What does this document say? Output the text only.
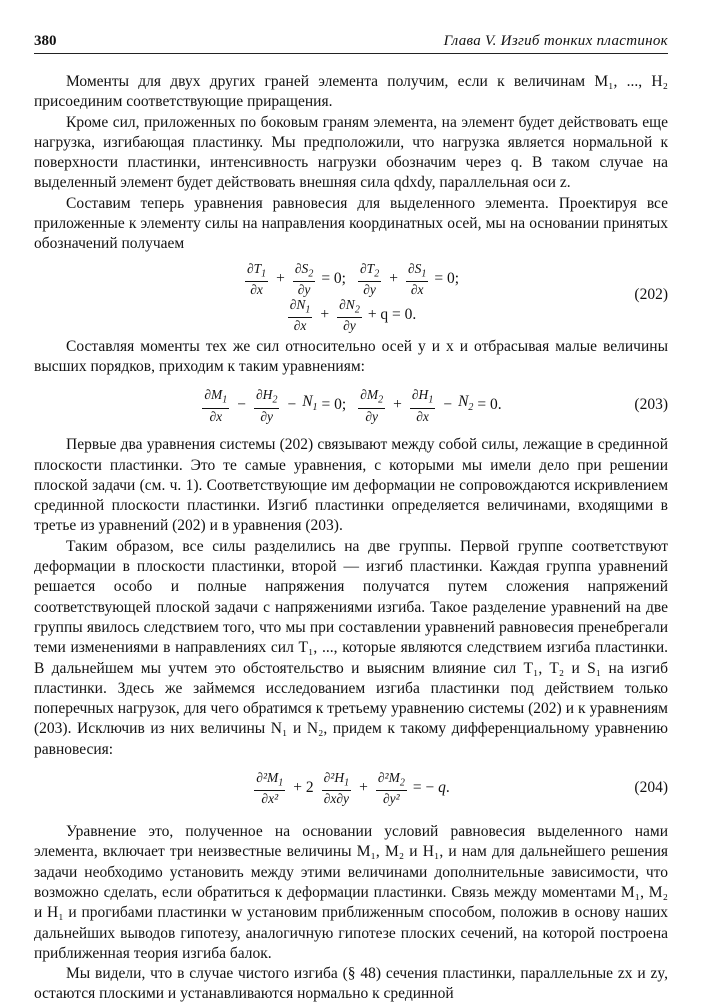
380	Глава V. Изгиб тонких пластинок

Моменты для двух других граней элемента получим, если к величинам M₁, ..., H₂ присоединим соответствующие приращения.

Кроме сил, приложенных по боковым граням элемента, на элемент будет действовать еще нагрузка, изгибающая пластинку. Мы предположили, что нагрузка является нормальной к поверхности пластинки, интенсивность нагрузки обозначим через q. В таком случае на выделенный элемент будет действовать внешняя сила qdxdy, параллельная оси z.

Составим теперь уравнения равновесия для выделенного элемента. Проектируя все приложенные к элементу силы на направления координатных осей, мы на основании принятых обозначений получаем

$\frac{\partial T_1}{\partial x} + \frac{\partial S_2}{\partial y} = 0$; $\frac{\partial T_2}{\partial y} + \frac{\partial S_1}{\partial x} = 0$;
$\frac{\partial N_1}{\partial x} + \frac{\partial N_2}{\partial y} + q = 0$.
(202)

Составляя моменты тех же сил относительно осей y и x и отбрасывая малые величины высших порядков, приходим к таким уравнениям:

$\frac{\partial M_1}{\partial x} - \frac{\partial H_2}{\partial y} - N_1 = 0$; $\frac{\partial M_2}{\partial y} + \frac{\partial H_1}{\partial x} - N_2 = 0$.	(203)

Первые два уравнения системы (202) связывают между собой силы, лежащие в срединной плоскости пластинки. Это те самые уравнения, с которыми мы имели дело при решении плоской задачи (см. ч. 1). Соответствующие им деформации не сопровождаются искривлением срединной плоскости пластинки. Изгиб пластинки определяется величинами, входящими в третье из уравнений (202) и в уравнения (203).

Таким образом, все силы разделились на две группы. Первой группе соответствуют деформации в плоскости пластинки, второй — изгиб пластинки. Каждая группа уравнений решается особо и полные напряжения получатся путем сложения напряжений соответствующей плоской задачи с напряжениями изгиба. Такое разделение уравнений на две группы явилось следствием того, что мы при составлении уравнений равновесия пренебрегали теми изменениями в направлениях сил T₁, ..., которые являются следствием изгиба пластинки. В дальнейшем мы учтем это обстоятельство и выясним влияние сил T₁, T₂ и S₁ на изгиб пластинки. Здесь же займемся исследованием изгиба пластинки под действием только поперечных нагрузок, для чего обратимся к третьему уравнению системы (202) и к уравнениям (203). Исключив из них величины N₁ и N₂, придем к такому дифференциальному уравнению равновесия:

$\frac{\partial^2M_1}{\text{∂x²}} + 2 \frac{\partial^2H_1}{\partial x\partial y} + \frac{\partial^2M_2}{\text{∂y²}}$ = − q.	(204)

Уравнение это, полученное на основании условий равновесия выделенного нами элемента, включает три неизвестные величины M₁, M₂ и H₁, и нам для дальнейшего решения задачи необходимо установить между этими величинами дополнительные зависимости, что возможно сделать, если обратиться к деформации пластинки. Связь между моментами M₁, M₂ и H₁ и прогибами пластинки w установим приближенным способом, положив в основу наших дальнейших выводов гипотезу, аналогичную гипотезе плоских сечений, на которой построена приближенная теория изгиба балок.

Мы видели, что в случае чистого изгиба (§ 48) сечения пластинки, параллельные zx и zy, остаются плоскими и устанавливаются нормально к срединной
